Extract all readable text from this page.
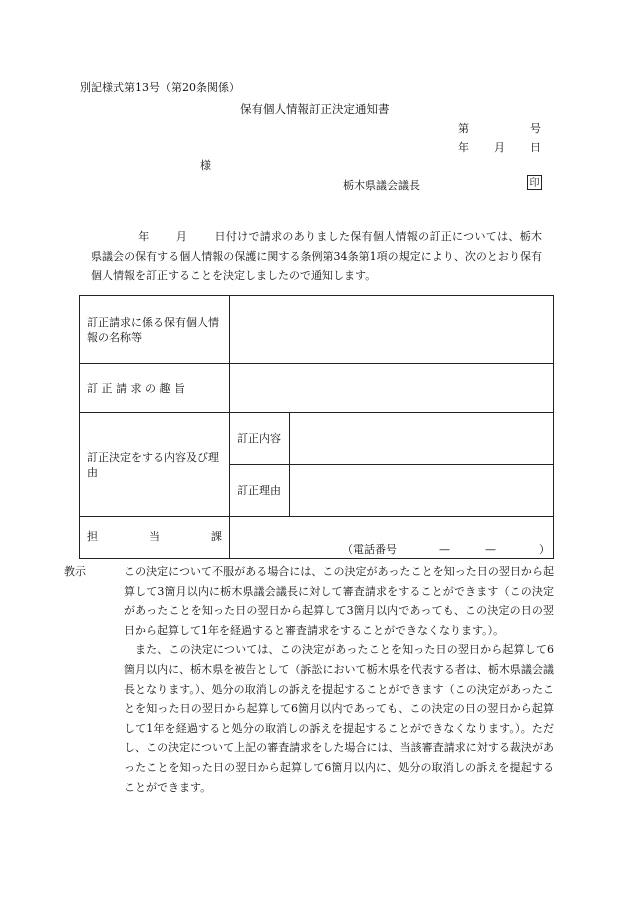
別記様式第13号（第20条関係）
保有個人情報訂正決定通知書
第	号
年 月 日
様
栃木県議会議長	印
年 月 日付けで請求のありました保有個人情報の訂正については、栃木県議会の保有する個人情報の保護に関する条例第34条第1項の規定により、次のとおり保有個人情報を訂正することを決定しましたので通知します。
訂正請求に係る保有個人情報の名称等		
訂 正 請 求 の 趣 旨		
訂正決定をする内容及び理由	訂正内容	
	訂正理由	

担 当 課	（電話番号 — — ）	
教示	この決定について不服がある場合には、この決定があったことを知った日の翌日から起算して3箇月以内に栃木県議会議長に対して審査請求をすることができます（この決定があったことを知った日の翌日から起算して3箇月以内であっても、この決定の日の翌日から起算して1年を経過すると審査請求をすることができなくなります。）。
また、この決定については、この決定があったことを知った日の翌日から起算して6箇月以内に、栃木県を被告として（訴訟において栃木県を代表する者は、栃木県議会議長となります。）、処分の取消しの訴えを提起することができます（この決定があったことを知った日の翌日から起算して6箇月以内であっても、この決定の日の翌日から起算して1年を経過すると処分の取消しの訴えを提起することができなくなります。）。ただし、この決定について上記の審査請求をした場合には、当該審査請求に対する裁決があったことを知った日の翌日から起算して6箇月以内に、処分の取消しの訴えを提起することができます。
